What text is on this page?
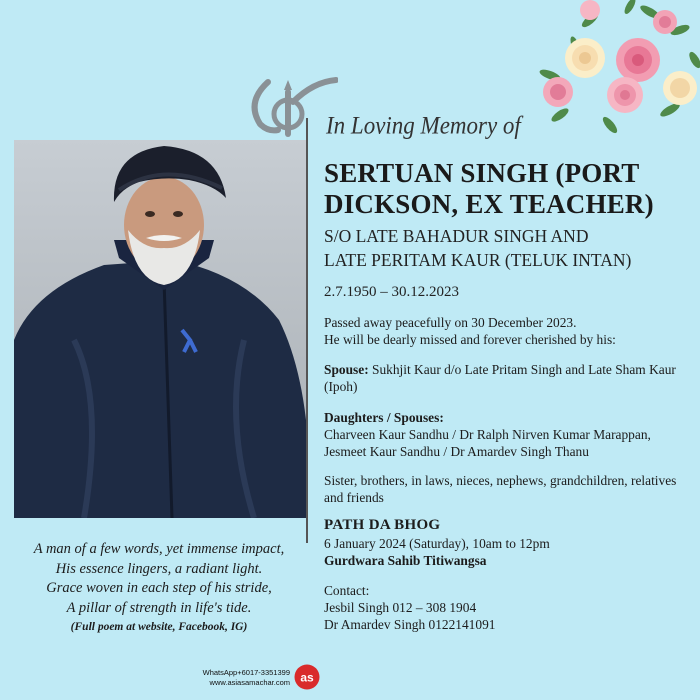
A man of a few words, yet immense impact,
His essence lingers, a radiant light.
Grace woven in each step of his stride,
A pillar of strength in life's tide.
(Full poem at website, Facebook, IG)
In Loving Memory of
SERTUAN SINGH (PORT
DICKSON, EX TEACHER)
S/O LATE BAHADUR SINGH AND
LATE PERITAM KAUR (TELUK INTAN)
2.7.1950 – 30.12.2023
Passed away peacefully on 30 December 2023.
He will be dearly missed and forever cherished by his:
Spouse: Sukhjit Kaur d/o Late Pritam Singh and Late Sham Kaur (Ipoh)
Daughters / Spouses:
Charveen Kaur Sandhu / Dr Ralph Nirven Kumar Marappan,
Jesmeet Kaur Sandhu / Dr Amardev Singh Thanu
Sister, brothers, in laws, nieces, nephews, grandchildren, relatives and friends
PATH DA BHOG
6 January 2024 (Saturday), 10am to 12pm
Gurdwara Sahib Titiwangsa
Contact:
Jesbil Singh 012 – 308 1904
Dr Amardev Singh 0122141091
WhatsApp+6017-3351399
www.asiasamachar.com as
